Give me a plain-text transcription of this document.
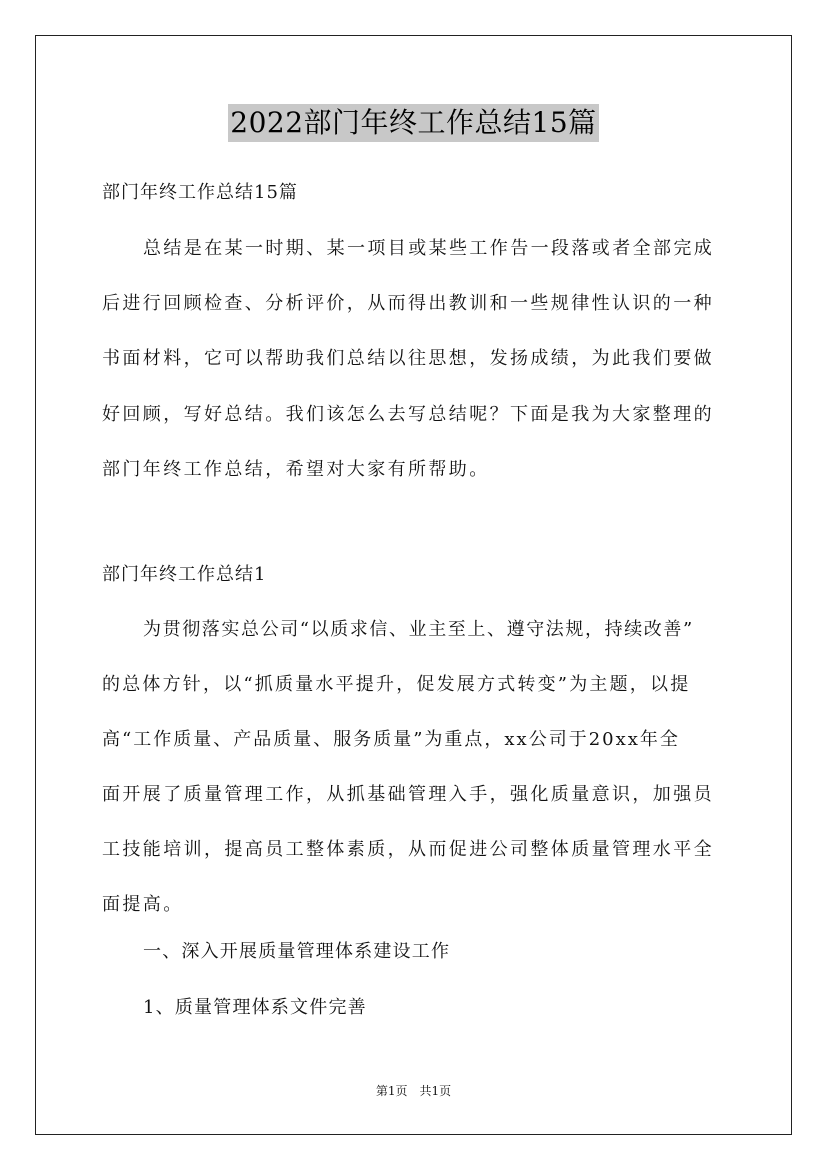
2022部门年终工作总结15篇
部门年终工作总结15篇
总结是在某一时期、某一项目或某些工作告一段落或者全部完成
后进行回顾检查、分析评价，从而得出教训和一些规律性认识的一种
书面材料，它可以帮助我们总结以往思想，发扬成绩，为此我们要做
好回顾，写好总结。我们该怎么去写总结呢？下面是我为大家整理的
部门年终工作总结，希望对大家有所帮助。
部门年终工作总结1
为贯彻落实总公司“以质求信、业主至上、遵守法规，持续改善”
的总体方针，以“抓质量水平提升，促发展方式转变”为主题，以提
高“工作质量、产品质量、服务质量”为重点，xx公司于20xx年全
面开展了质量管理工作，从抓基础管理入手，强化质量意识，加强员
工技能培训，提高员工整体素质，从而促进公司整体质量管理水平全
面提高。
一、深入开展质量管理体系建设工作
1、质量管理体系文件完善
第1页　共1页
